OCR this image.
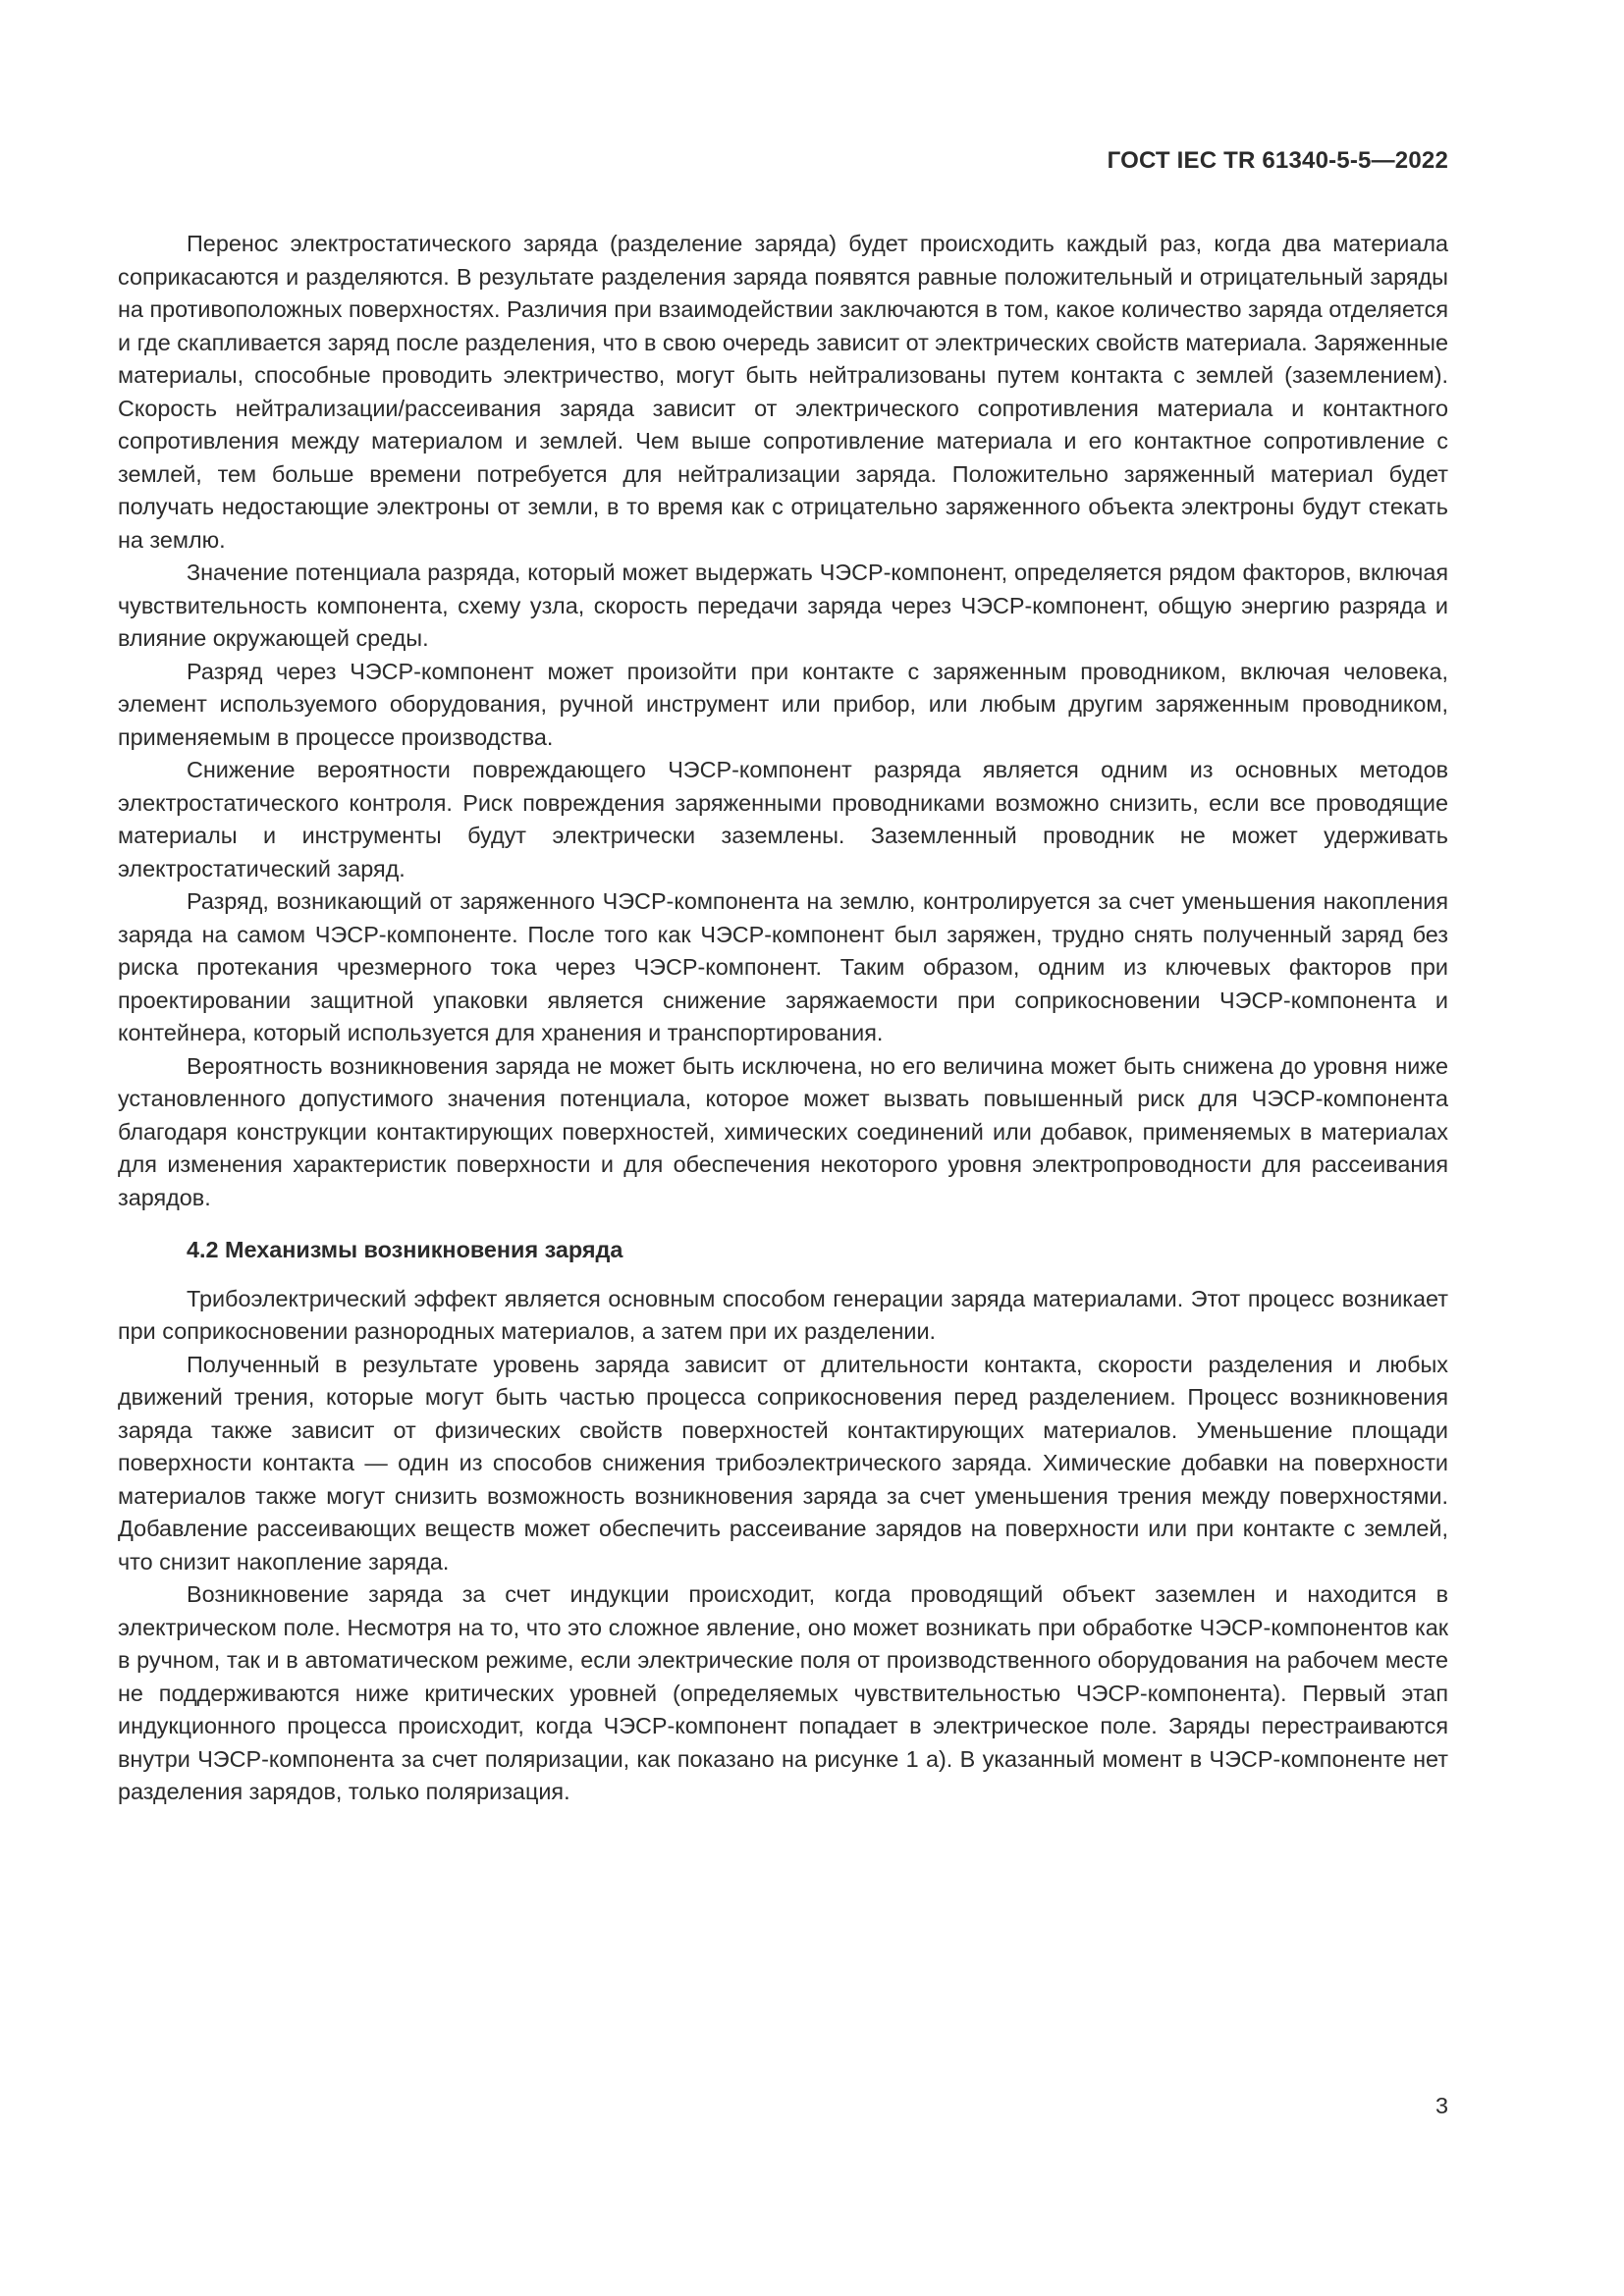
ГОСТ IEC TR 61340-5-5—2022

Перенос электростатического заряда (разделение заряда) будет происходить каждый раз, когда два материала соприкасаются и разделяются. В результате разделения заряда появятся равные положительный и отрицательный заряды на противоположных поверхностях. Различия при взаимодействии заключаются в том, какое количество заряда отделяется и где скапливается заряд после разделения, что в свою очередь зависит от электрических свойств материала. Заряженные материалы, способные проводить электричество, могут быть нейтрализованы путем контакта с землей (заземлением). Скорость нейтрализации/рассеивания заряда зависит от электрического сопротивления материала и контактного сопротивления между материалом и землей. Чем выше сопротивление материала и его контактное сопротивление с землей, тем больше времени потребуется для нейтрализации заряда. Положительно заряженный материал будет получать недостающие электроны от земли, в то время как с отрицательно заряженного объекта электроны будут стекать на землю.

Значение потенциала разряда, который может выдержать ЧЭСР-компонент, определяется рядом факторов, включая чувствительность компонента, схему узла, скорость передачи заряда через ЧЭСР-компонент, общую энергию разряда и влияние окружающей среды.

Разряд через ЧЭСР-компонент может произойти при контакте с заряженным проводником, включая человека, элемент используемого оборудования, ручной инструмент или прибор, или любым другим заряженным проводником, применяемым в процессе производства.

Снижение вероятности повреждающего ЧЭСР-компонент разряда является одним из основных методов электростатического контроля. Риск повреждения заряженными проводниками возможно снизить, если все проводящие материалы и инструменты будут электрически заземлены. Заземленный проводник не может удерживать электростатический заряд.

Разряд, возникающий от заряженного ЧЭСР-компонента на землю, контролируется за счет уменьшения накопления заряда на самом ЧЭСР-компоненте. После того как ЧЭСР-компонент был заряжен, трудно снять полученный заряд без риска протекания чрезмерного тока через ЧЭСР-компонент. Таким образом, одним из ключевых факторов при проектировании защитной упаковки является снижение заряжаемости при соприкосновении ЧЭСР-компонента и контейнера, который используется для хранения и транспортирования.

Вероятность возникновения заряда не может быть исключена, но его величина может быть снижена до уровня ниже установленного допустимого значения потенциала, которое может вызвать повышенный риск для ЧЭСР-компонента благодаря конструкции контактирующих поверхностей, химических соединений или добавок, применяемых в материалах для изменения характеристик поверхности и для обеспечения некоторого уровня электропроводности для рассеивания зарядов.

4.2 Механизмы возникновения заряда

Трибоэлектрический эффект является основным способом генерации заряда материалами. Этот процесс возникает при соприкосновении разнородных материалов, а затем при их разделении.

Полученный в результате уровень заряда зависит от длительности контакта, скорости разделения и любых движений трения, которые могут быть частью процесса соприкосновения перед разделением. Процесс возникновения заряда также зависит от физических свойств поверхностей контактирующих материалов. Уменьшение площади поверхности контакта — один из способов снижения трибоэлектрического заряда. Химические добавки на поверхности материалов также могут снизить возможность возникновения заряда за счет уменьшения трения между поверхностями. Добавление рассеивающих веществ может обеспечить рассеивание зарядов на поверхности или при контакте с землей, что снизит накопление заряда.

Возникновение заряда за счет индукции происходит, когда проводящий объект заземлен и находится в электрическом поле. Несмотря на то, что это сложное явление, оно может возникать при обработке ЧЭСР-компонентов как в ручном, так и в автоматическом режиме, если электрические поля от производственного оборудования на рабочем месте не поддерживаются ниже критических уровней (определяемых чувствительностью ЧЭСР-компонента). Первый этап индукционного процесса происходит, когда ЧЭСР-компонент попадает в электрическое поле. Заряды перестраиваются внутри ЧЭСР-компонента за счет поляризации, как показано на рисунке 1 а). В указанный момент в ЧЭСР-компоненте нет разделения зарядов, только поляризация.

3
